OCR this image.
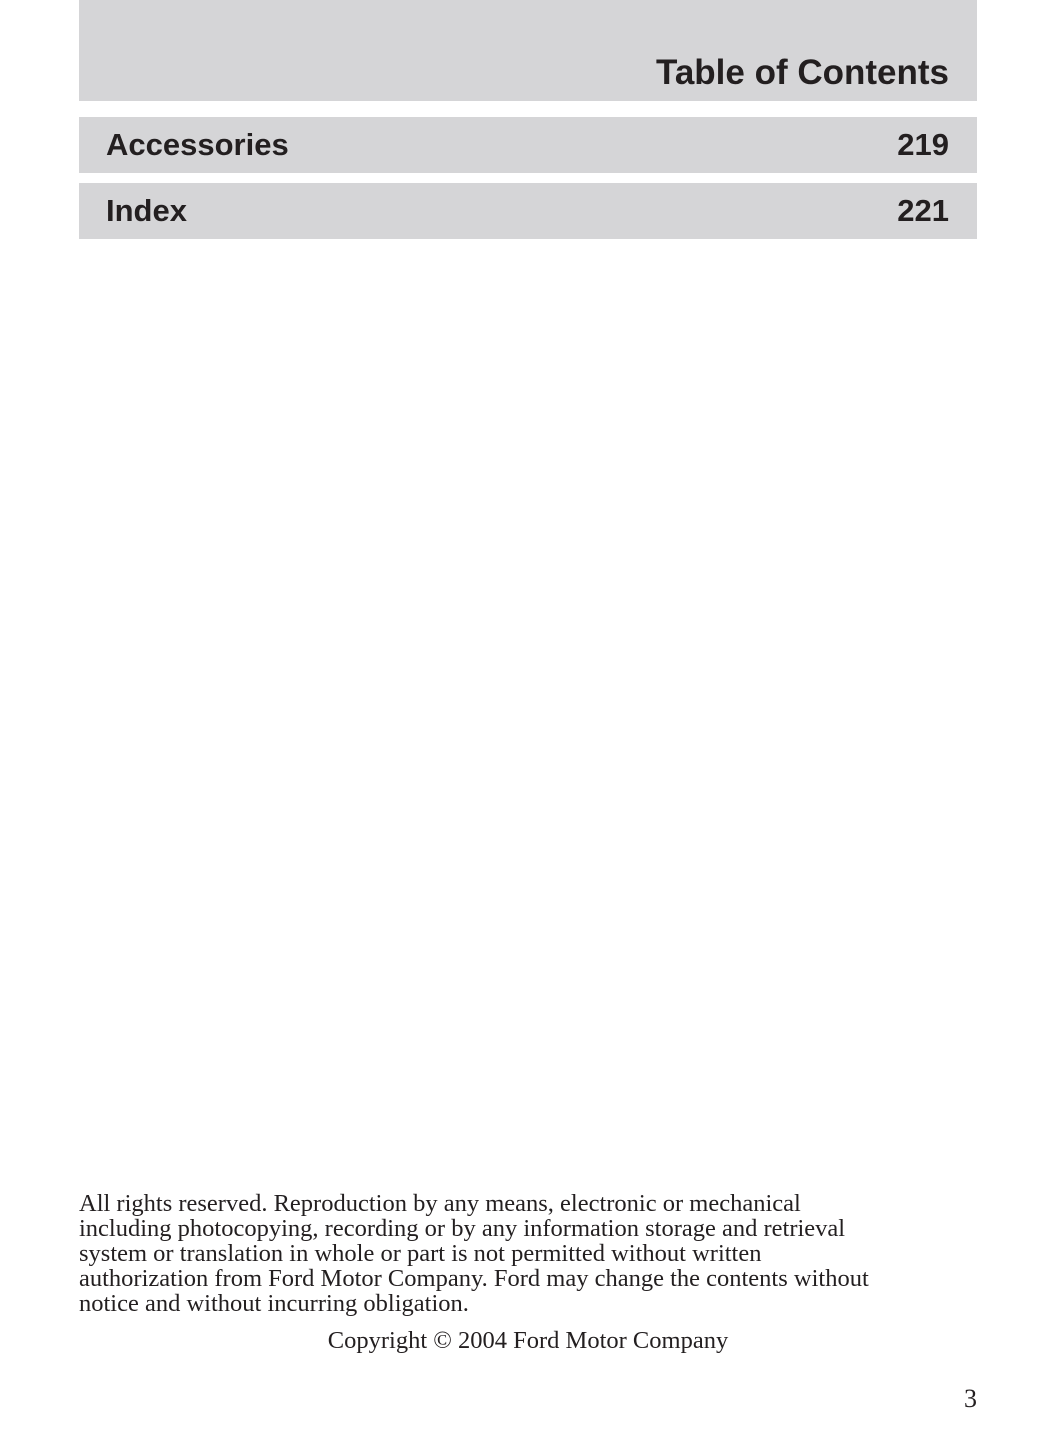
Table of Contents
Accessories	219
Index	221
All rights reserved. Reproduction by any means, electronic or mechanical
including photocopying, recording or by any information storage and retrieval
system or translation in whole or part is not permitted without written
authorization from Ford Motor Company. Ford may change the contents without
notice and without incurring obligation.
Copyright © 2004 Ford Motor Company
3
